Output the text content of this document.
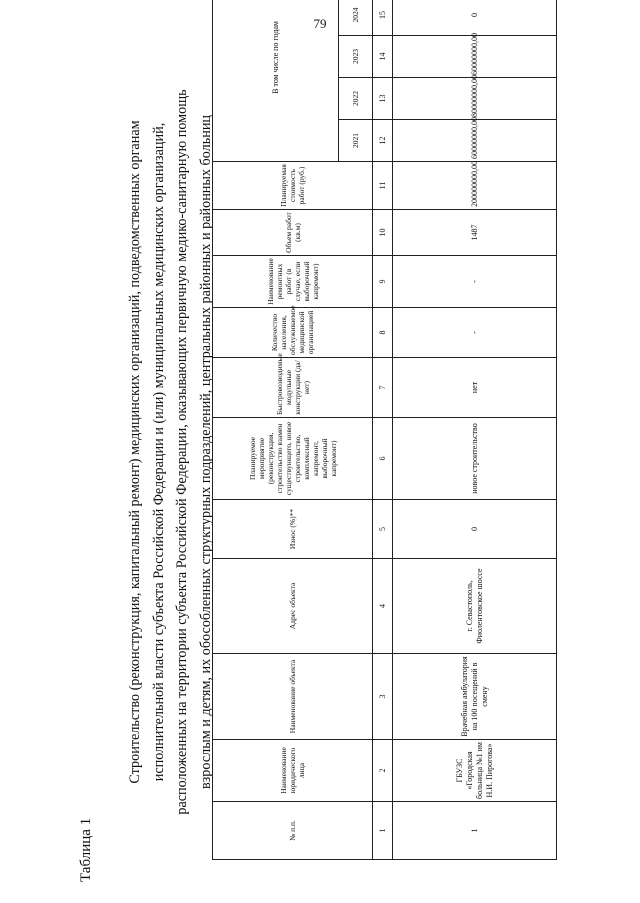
79
Таблица 1
Строительство (реконструкция, капитальный ремонт) медицинских организаций, подведомственных органам исполнительной власти субъекта Российской Федерации и (или) муниципальных медицинских организаций, расположенных на территории субъекта Российской Федерации, оказывающих первичную медико-санитарную помощь взрослым и детям, их обособленных структурных подразделений, центральных районных и районных больниц
№ п.п.	Наименование юридического лица	Наименование объекта	Адрес объекта	Износ (%)**	Планируемое мероприятие (реконструкция, строительство взамен существующего, новое строительство, комплексный капремонт, выборочный капремонт)	Быстровозводимые модульные конструкции (да/нет)	Количество населения, обслуживаемое медицинской организацией	Наименование ремонтных работ (в случае, если выборочный капремонт)	Объем работ (кв.м)	Планируемая стоимость работ (руб.)	В том числе по годам				
											2021	2022	2023	2024	
1	2	3	4	5	6	7	8	9	10	11	12	13	14	15	
1	ГБУЗС «Городская больница №1 им Н.И. Пирогова»	Врачебная амбулатория на 100 посещений в смену	г. Севастополь, Фиолентовское шоссе	0	новое строительство	нет	-	-	1487	200000000,00	60000000,00	80000000,00	60000000,00	0	
